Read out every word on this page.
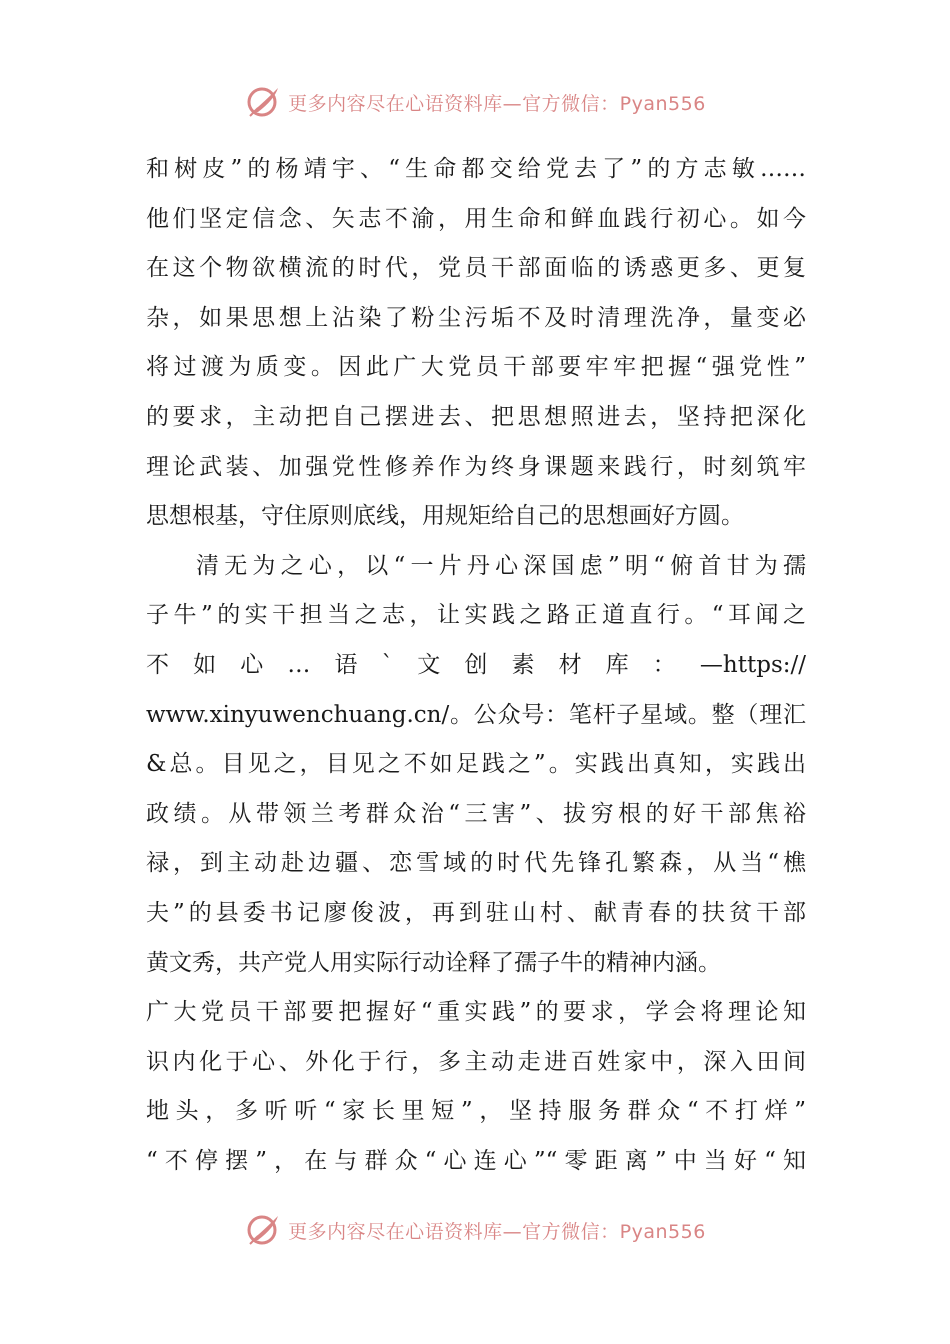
更多内容尽在心语资料库 —官方微信：Pyan556
和树皮”的杨靖宇、“生命都交给党去了”的方志敏……
他们坚定信念、矢志不渝，用生命和鲜血践行初心。如今
在这个物欲横流的时代，党员干部面临的诱惑更多、更复
杂，如果思想上沾染了粉尘污垢不及时清理洗净，量变必
将过渡为质变。因此广大党员干部要牢牢把握“强党性”
的要求，主动把自己摆进去、把思想照进去，坚持把深化
理论武装、加强党性修养作为终身课题来践行，时刻筑牢
思想根基，守住原则底线，用规矩给自己的思想画好方圆。
清无为之心，以“一片丹心深国虑”明“俯首甘为孺
子牛”的实干担当之志，让实践之路正道直行。“耳闻之
不如心…语`文创素材库：—https://
www.xinyuwenchuang.cn/。公众号：笔杆子星域。整（理汇
&总。目见之，目见之不如足践之”。实践出真知，实践出
政绩。从带领兰考群众治“三害”、拔穷根的好干部焦裕
禄，到主动赴边疆、恋雪域的时代先锋孔繁森，从当“樵
夫”的县委书记廖俊波，再到驻山村、献青春的扶贫干部
黄文秀，共产党人用实际行动诠释了孺子牛的精神内涵。
广大党员干部要把握好“重实践”的要求，学会将理论知
识内化于心、外化于行，多主动走进百姓家中，深入田间
地头，多听听“家长里短”，坚持服务群众“不打烊”
“不停摆”，在与群众“心连心”“零距离”中当好“知
更多内容尽在心语资料库 —官方微信：Pyan556
